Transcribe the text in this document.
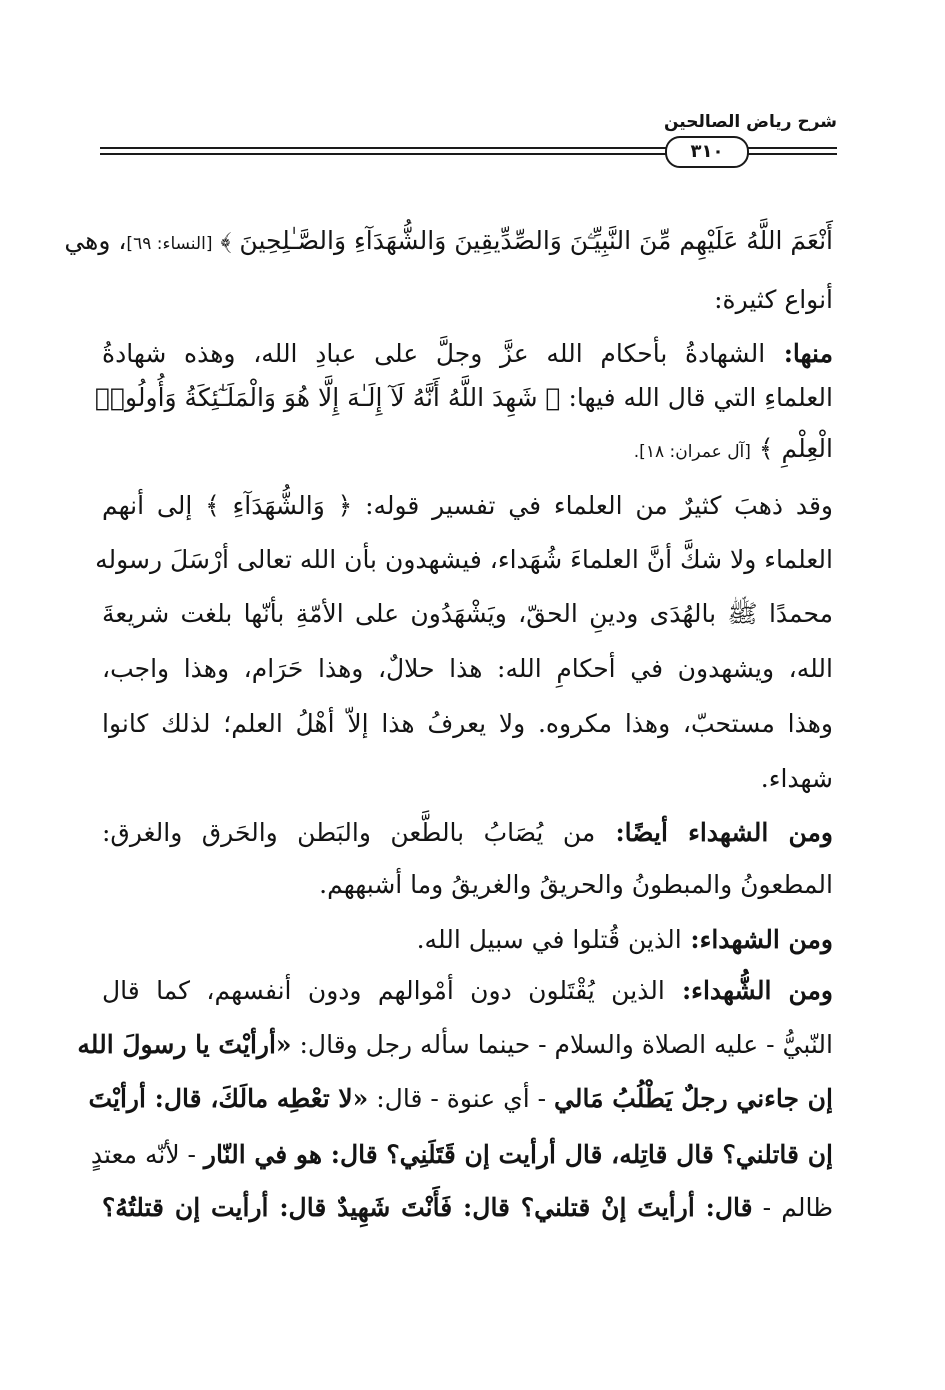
شرح رياض الصالحين
٣١٠
أَنْعَمَ اللَّهُ عَلَيْهِم مِّنَ النَّبِيِّـۧنَ وَالصِّدِّيقِينَ وَالشُّهَدَآءِ وَالصَّـٰلِحِينَ ﴾ [النساء: ٦٩]، وهي
أنواع كثيرة:
منها: الشهادةُ بأحكام الله عزَّ وجلَّ على عبادِ الله، وهذه شهادةُ
العلماءِ التي قال الله فيها: ﴿ شَهِدَ اللَّهُ أَنَّهُ لَآ إِلَـٰهَ إِلَّا هُوَ وَالْمَلَـٰٓئِكَةُ وَأُولُوا۟
الْعِلْمِ ﴾ [آل عمران: ١٨].
وقد ذهبَ كثيرٌ من العلماء في تفسير قوله: ﴿ وَالشُّهَدَآءِ ﴾ إلى أنهم
العلماء ولا شكَّ أنَّ العلماءَ شُهَداء، فيشهدون بأن الله تعالى أرْسَلَ رسوله
محمدًا ﷺ بالهُدَى ودينِ الحقّ، ويَشْهَدُون على الأمّةِ بأنّها بلغت شريعةَ
الله، ويشهدون في أحكامِ الله: هذا حلالٌ، وهذا حَرَام، وهذا واجب،
وهذا مستحبّ، وهذا مكروه. ولا يعرفُ هذا إلاّ أهْلُ العلم؛ لذلك كانوا
شهداء.
ومن الشهداء أيضًا: من يُصَابُ بالطَّعن والبَطن والحَرق والغرق:
المطعونُ والمبطونُ والحريقُ والغريقُ وما أشبههم.
ومن الشهداء: الذين قُتلوا في سبيل الله.
ومن الشُّهداء: الذين يُقْتَلون دون أمْوالهم ودون أنفسهم، كما قال
النّبيُّ - عليه الصلاة والسلام - حينما سأله رجل وقال: «أرأيْتَ يا رسولَ الله
إن جاءني رجلٌ يَطْلُبُ مَالي - أي عنوة - قال: «لا تعْطِه مالَكَ، قال: أرأيْتَ
إن قاتلني؟ قال قاتِله، قال أرأيت إن قَتَلَنِي؟ قال: هو في النّار - لأنّه معتدٍ
ظالم - قال: أرأيتَ إنْ قتلني؟ قال: فَأَنْتَ شَهِيدٌ قال: أرأيت إن قتلتُهُ؟
